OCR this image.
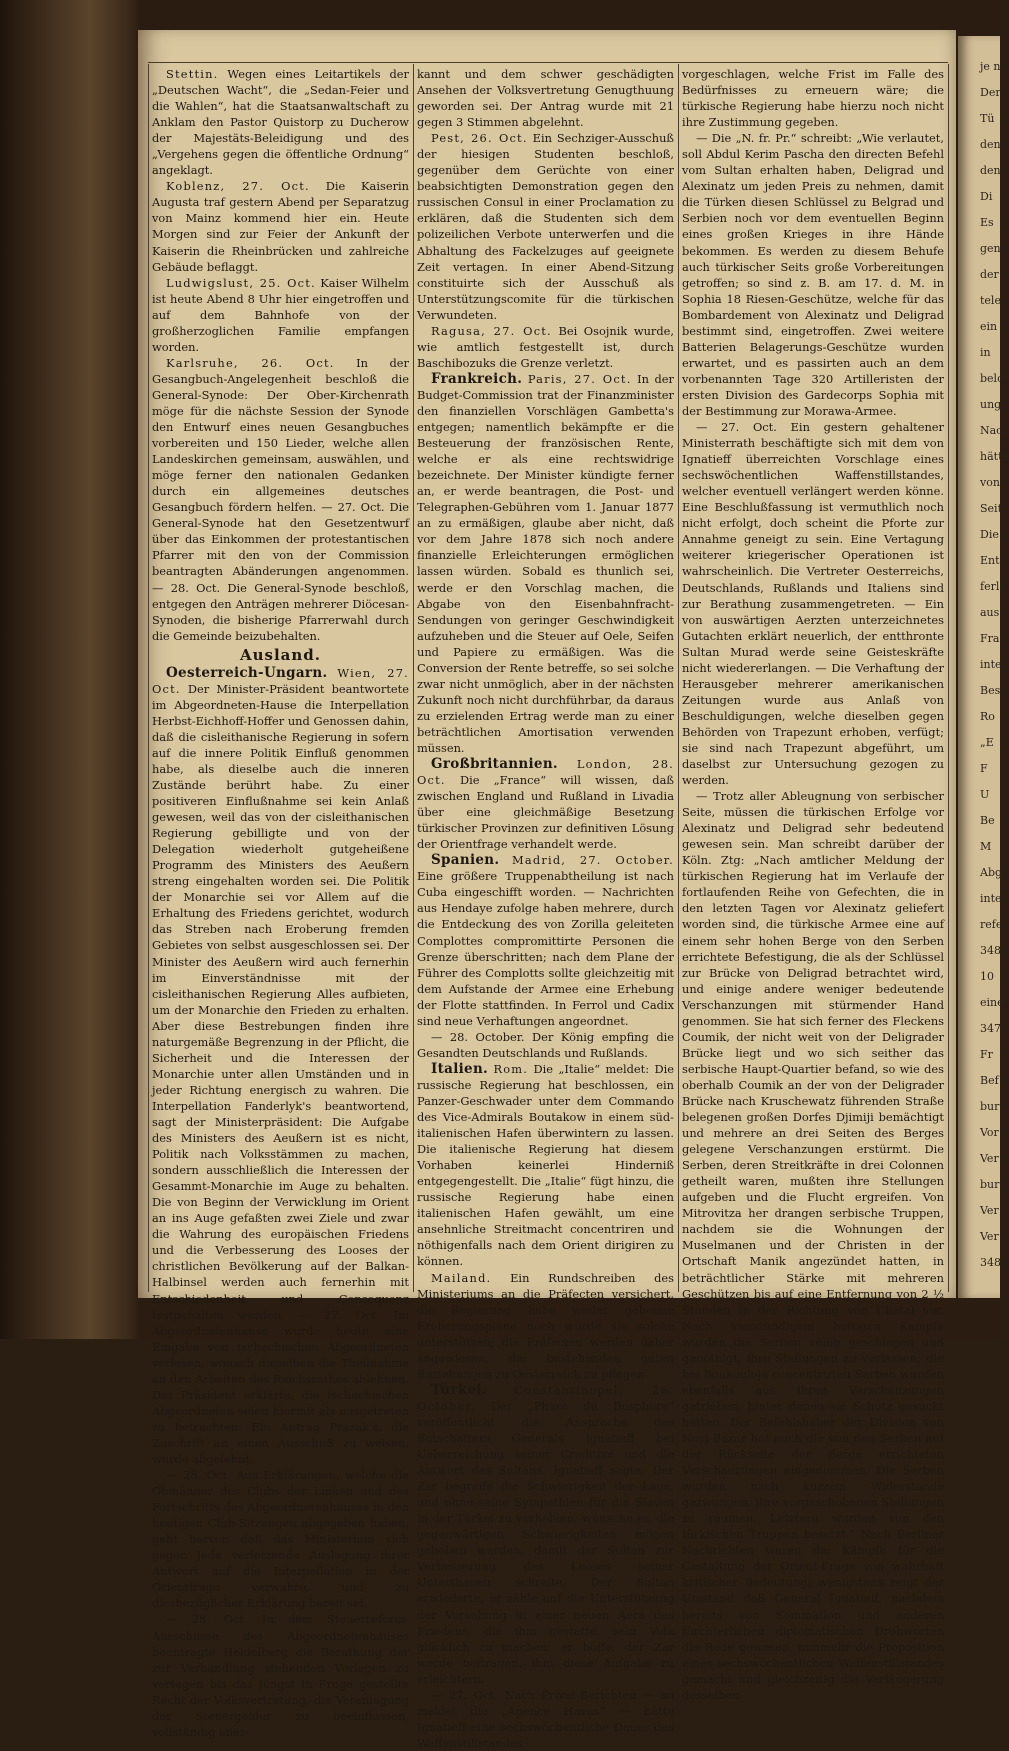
je n
Der
Tü
den
den
Di
Es
gen
der
tele
ein
in
belo
ung
Nach
hätte
von
Seit
Die
Ent
ferla
aus
Fra
inte
Bes
Ro
„E
F
U
Be
M
Abg
inte
refe
348
10
eine
347
Fr
Bef
bur
Vor
Ver
bur
Ver
Ver
348

Stettin. Wegen eines Leitartikels der „Deutschen Wacht“, die „Sedan-Feier und die Wahlen“, hat die Staatsanwaltschaft zu Anklam den Pastor Quistorp zu Ducherow der Majestäts-Beleidigung und des „Vergehens gegen die öffentliche Ordnung“ angeklagt.

Koblenz, 27. Oct. Die Kaiserin Augusta traf gestern Abend per Separatzug von Mainz kommend hier ein. Heute Morgen sind zur Feier der Ankunft der Kaiserin die Rheinbrücken und zahlreiche Gebäude beflaggt.

Ludwigslust, 25. Oct. Kaiser Wilhelm ist heute Abend 8 Uhr hier eingetroffen und auf dem Bahnhofe von der großherzoglichen Familie empfangen worden.

Karlsruhe, 26. Oct. In der Gesangbuch-Angelegenheit beschloß die General-Synode: Der Ober-Kirchenrath möge für die nächste Session der Synode den Entwurf eines neuen Gesangbuches vorbereiten und 150 Lieder, welche allen Landeskirchen gemeinsam, auswählen, und möge ferner den nationalen Gedanken durch ein allgemeines deutsches Gesangbuch fördern helfen. — 27. Oct. Die General-Synode hat den Gesetzentwurf über das Einkommen der protestantischen Pfarrer mit den von der Commission beantragten Abänderungen angenommen. — 28. Oct. Die General-Synode beschloß, entgegen den Anträgen mehrerer Diöcesan-Synoden, die bisherige Pfarrerwahl durch die Gemeinde beizubehalten.

Ausland.

Oesterreich-Ungarn. Wien, 27. Oct. Der Minister-Präsident beantwortete im Abgeordneten-Hause die Interpellation Herbst-Eichhoff-Hoffer und Genossen dahin, daß die cisleithanische Regierung in sofern auf die innere Politik Einfluß genommen habe, als dieselbe auch die inneren Zustände berührt habe. Zu einer positiveren Einflußnahme sei kein Anlaß gewesen, weil das von der cisleithanischen Regierung gebilligte und von der Delegation wiederholt gutgeheißene Programm des Ministers des Aeußern streng eingehalten worden sei. Die Politik der Monarchie sei vor Allem auf die Erhaltung des Friedens gerichtet, wodurch das Streben nach Eroberung fremden Gebietes von selbst ausgeschlossen sei. Der Minister des Aeußern wird auch fernerhin im Einverständnisse mit der cisleithanischen Regierung Alles aufbieten, um der Monarchie den Frieden zu erhalten. Aber diese Bestrebungen finden ihre naturgemäße Begrenzung in der Pflicht, die Sicherheit und die Interessen der Monarchie unter allen Umständen und in jeder Richtung energisch zu wahren. Die Interpellation Fanderlyk's beantwortend, sagt der Ministerpräsident: Die Aufgabe des Ministers des Aeußern ist es nicht, Politik nach Volksstämmen zu machen, sondern ausschließlich die Interessen der Gesammt-Monarchie im Auge zu behalten. Die von Beginn der Verwicklung im Orient an ins Auge gefaßten zwei Ziele und zwar die Wahrung des europäischen Friedens und die Verbesserung des Looses der christlichen Bevölkerung auf der Balkan-Halbinsel werden auch fernerhin mit Entschiedenheit und Consequenz festgehalten werden. — 27. Oct. Im Abgeordnetenhause wurde heute eine Eingabe von tschechischen Abgeordneten verlesen, wonach dieselben die Theilnahme an den Arbeiten des Reichsrathes ablehnen. Der Präsident erklärte, die tschechischen Abgeordneten seien hiermit als ausgetreten zu betrachten. Ein Antrag Prazak's, die Zuschrift an einen Ausschuß zu weisen, wurde abgelehnt.

— 28. Oct. Aus Erklärungen, welche die Obmänner des Clubs der Linken und des Fortschritts des Abgeordnetenhauses in den heutigen Club-Sitzungen abgegeben haben, geht hervor, daß das Ministerium sich gegen jede verletzende Auslegung ihrer Antwort auf die Interpellation in der Orientfrage verwahre, und zu diesbezüglicher Erklärung bereit sei.

— 28. Oct. In dem Steuerreform-Ausschusse des Abgeordnetenhauses beantragte Heidelberg die Berathung der zur Verhandlung stehenden Vorlagen zu vertagen bis das jüngst in Frage gestellte Recht der Volksvertretung, die Veranlagung der Steuergelder zu beeinflussen, vollständig aner-

kannt und dem schwer geschädigten Ansehen der Volksvertretung Genugthuung geworden sei. Der Antrag wurde mit 21 gegen 3 Stimmen abgelehnt.

Pest, 26. Oct. Ein Sechziger-Ausschuß der hiesigen Studenten beschloß, gegenüber dem Gerüchte von einer beabsichtigten Demonstration gegen den russischen Consul in einer Proclamation zu erklären, daß die Studenten sich dem polizeilichen Verbote unterwerfen und die Abhaltung des Fackelzuges auf geeignete Zeit vertagen. In einer Abend-Sitzung constituirte sich der Ausschuß als Unterstützungscomite für die türkischen Verwundeten.

Ragusa, 27. Oct. Bei Osojnik wurde, wie amtlich festgestellt ist, durch Baschibozuks die Grenze verletzt.

Frankreich. Paris, 27. Oct. In der Budget-Commission trat der Finanzminister den finanziellen Vorschlägen Gambetta's entgegen; namentlich bekämpfte er die Besteuerung der französischen Rente, welche er als eine rechtswidrige bezeichnete. Der Minister kündigte ferner an, er werde beantragen, die Post- und Telegraphen-Gebühren vom 1. Januar 1877 an zu ermäßigen, glaube aber nicht, daß vor dem Jahre 1878 sich noch andere finanzielle Erleichterungen ermöglichen lassen würden. Sobald es thunlich sei, werde er den Vorschlag machen, die Abgabe von den Eisenbahnfracht-Sendungen von geringer Geschwindigkeit aufzuheben und die Steuer auf Oele, Seifen und Papiere zu ermäßigen. Was die Conversion der Rente betreffe, so sei solche zwar nicht unmöglich, aber in der nächsten Zukunft noch nicht durchführbar, da daraus zu erzielenden Ertrag werde man zu einer beträchtlichen Amortisation verwenden müssen.

Großbritannien. London, 28. Oct. Die „France“ will wissen, daß zwischen England und Rußland in Livadia über eine gleichmäßige Besetzung türkischer Provinzen zur definitiven Lösung der Orientfrage verhandelt werde.

Spanien. Madrid, 27. October. Eine größere Truppenabtheilung ist nach Cuba eingeschifft worden. — Nachrichten aus Hendaye zufolge haben mehrere, durch die Entdeckung des von Zorilla geleiteten Complottes compromittirte Personen die Grenze überschritten; nach dem Plane der Führer des Complotts sollte gleichzeitig mit dem Aufstande der Armee eine Erhebung der Flotte stattfinden. In Ferrol und Cadix sind neue Verhaftungen angeordnet.

— 28. October. Der König empfing die Gesandten Deutschlands und Rußlands.

Italien. Rom. Die „Italie“ meldet: Die russische Regierung hat beschlossen, ein Panzer-Geschwader unter dem Commando des Vice-Admirals Boutakow in einem süd-italienischen Hafen überwintern zu lassen. Die italienische Regierung hat diesem Vorhaben keinerlei Hinderniß entgegengestellt. Die „Italie“ fügt hinzu, die russische Regierung habe einen italienischen Hafen gewählt, um eine ansehnliche Streitmacht concentriren und nöthigenfalls nach dem Orient dirigiren zu können.

Mailand. Ein Rundschreiben des Ministeriums an die Präfecten versichert, die Regierung habe weder geheime Eroberungspläne noch würde sie solche unterstützen; die Präfecten werden daher angewiesen, die bestehenden guten Beziehungen zu Oesterreich zu pflegen.

Türkei. Constantinopel, 26. October. Der „Phare du Bosphore“ veröffentlicht die Ansprache des Botschafters Generals Ignatieff bei Ueberreichung seiner Creditive und die Antwort des Sultans. Ignatieff sagte: Der Zar begreife die Schwierigkeit der Lage, und ohne seine Sympathien für die Slaven in der Türkei zu verhehlen, wünsche er, die gegenwärtigen Schwierigkeiten mögen gehoben werden, damit der Sultan zur Verbesserung des Looses seiner Unterthanen schreite. Der Sultan erwiederte, er zähle auf die Unterstützung der Vorsehung in einer neuen Aera des Friedens, die ihm gestatte, sein Volk glücklich zu machen; er hoffe, der Zar werde beitragen, ihm diese Aufgabe zu erleichtern.

— 27. Oct. Nach Privat-Berichten — so meldet die „Agence Havas“ — hätte Ignatieff eine sechswöchentliche Dauer des Waffenstillstandes

vorgeschlagen, welche Frist im Falle des Bedürfnisses zu erneuern wäre; die türkische Regierung habe hierzu noch nicht ihre Zustimmung gegeben.

— Die „N. fr. Pr.“ schreibt: „Wie verlautet, soll Abdul Kerim Pascha den directen Befehl vom Sultan erhalten haben, Deligrad und Alexinatz um jeden Preis zu nehmen, damit die Türken diesen Schlüssel zu Belgrad und Serbien noch vor dem eventuellen Beginn eines großen Krieges in ihre Hände bekommen. Es werden zu diesem Behufe auch türkischer Seits große Vorbereitungen getroffen; so sind z. B. am 17. d. M. in Sophia 18 Riesen-Geschütze, welche für das Bombardement von Alexinatz und Deligrad bestimmt sind, eingetroffen. Zwei weitere Batterien Belagerungs-Geschütze wurden erwartet, und es passirten auch an dem vorbenannten Tage 320 Artilleristen der ersten Division des Gardecorps Sophia mit der Bestimmung zur Morawa-Armee.

— 27. Oct. Ein gestern gehaltener Ministerrath beschäftigte sich mit dem von Ignatieff überreichten Vorschlage eines sechswöchentlichen Waffenstillstandes, welcher eventuell verlängert werden könne. Eine Beschlußfassung ist vermuthlich noch nicht erfolgt, doch scheint die Pforte zur Annahme geneigt zu sein. Eine Vertagung weiterer kriegerischer Operationen ist wahrscheinlich. Die Vertreter Oesterreichs, Deutschlands, Rußlands und Italiens sind zur Berathung zusammengetreten. — Ein von auswärtigen Aerzten unterzeichnetes Gutachten erklärt neuerlich, der entthronte Sultan Murad werde seine Geisteskräfte nicht wiedererlangen. — Die Verhaftung der Herausgeber mehrerer amerikanischen Zeitungen wurde aus Anlaß von Beschuldigungen, welche dieselben gegen Behörden von Trapezunt erhoben, verfügt; sie sind nach Trapezunt abgeführt, um daselbst zur Untersuchung gezogen zu werden.

— Trotz aller Ableugnung von serbischer Seite, müssen die türkischen Erfolge vor Alexinatz und Deligrad sehr bedeutend gewesen sein. Man schreibt darüber der Köln. Ztg: „Nach amtlicher Meldung der türkischen Regierung hat im Verlaufe der fortlaufenden Reihe von Gefechten, die in den letzten Tagen vor Alexinatz geliefert worden sind, die türkische Armee eine auf einem sehr hohen Berge von den Serben errichtete Befestigung, die als der Schlüssel zur Brücke von Deligrad betrachtet wird, und einige andere weniger bedeutende Verschanzungen mit stürmender Hand genommen. Sie hat sich ferner des Fleckens Coumik, der nicht weit von der Deligrader Brücke liegt und wo sich seither das serbische Haupt-Quartier befand, so wie des oberhalb Coumik an der von der Deligrader Brücke nach Kruschewatz führenden Straße belegenen großen Dorfes Djimiji bemächtigt und mehrere an drei Seiten des Berges gelegene Verschanzungen erstürmt. Die Serben, deren Streitkräfte in drei Colonnen getheilt waren, mußten ihre Stellungen aufgeben und die Flucht ergreifen. Von Mitrovitza her drangen serbische Truppen, nachdem sie die Wohnungen der Muselmanen und der Christen in der Ortschaft Manik angezündet hatten, in beträchtlicher Stärke mit mehreren Geschützen bis auf eine Entfernung von 2 ½ Stunden in der Richtung von Chatal vor. Nach vierstündigem heftigen Kampfe wurden die Serben völlig geschlagen und genöthigt, ihre Stellungen zu verlassen; die bei Boukouloja concentrirten Serben wurden ebenfalls aus ihren Verschanzungen getrieben, hinter denen sie Schutz gesucht hatten. Der Befehlshaber der Division von Novi-Bazar hat auch die von den Serben auf der Rückseite der Berge errichteten Verschanzungen eingenommen. Die Serben wurden nach kurzem Widerstande gezwungen, ihre vorgeschobenen Stellungen zu räumen. Letztere wurden von den türkischen Truppen besetzt.“ Nach Berliner Nachrichten waren die Kämpfe für die Gestaltung der Orient-Frage von wahrhaft kritischer Bedeutung; wenigstens zeigt der Umstand daß General Ignatieff, nachdem bereits von Sommation und anderen fürchterlichen diplomatischen Drohworten die Rede gewesen, nunmehr die Proposition eines sechswöchentlichen Waffenstillstandes gemacht und gleichzeitig die Verlängerung desselben
